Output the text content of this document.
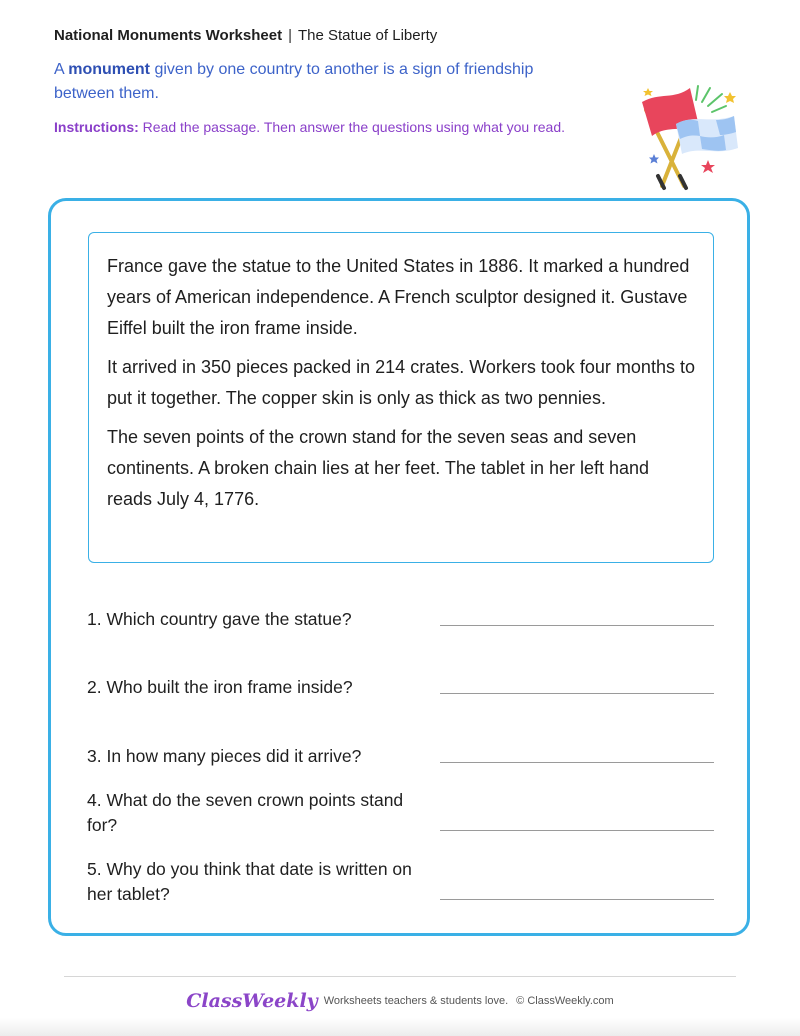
National Monuments Worksheet | The Statue of Liberty
A monument given by one country to another is a sign of friendship between them.
Instructions: Read the passage. Then answer the questions using what you read.

France gave the statue to the United States in 1886. It marked a hundred years of American independence. A French sculptor designed it. Gustave Eiffel built the iron frame inside.

It arrived in 350 pieces packed in 214 crates. Workers took four months to put it together. The copper skin is only as thick as two pennies.

The seven points of the crown stand for the seven seas and seven continents. A broken chain lies at her feet. The tablet in her left hand reads July 4, 1776.

1. Which country gave the statue?
2. Who built the iron frame inside?
3. In how many pieces did it arrive?
4. What do the seven crown points stand for?
5. Why do you think that date is written on her tablet?
ClassWeekly Worksheets teachers & students love. © ClassWeekly.com
